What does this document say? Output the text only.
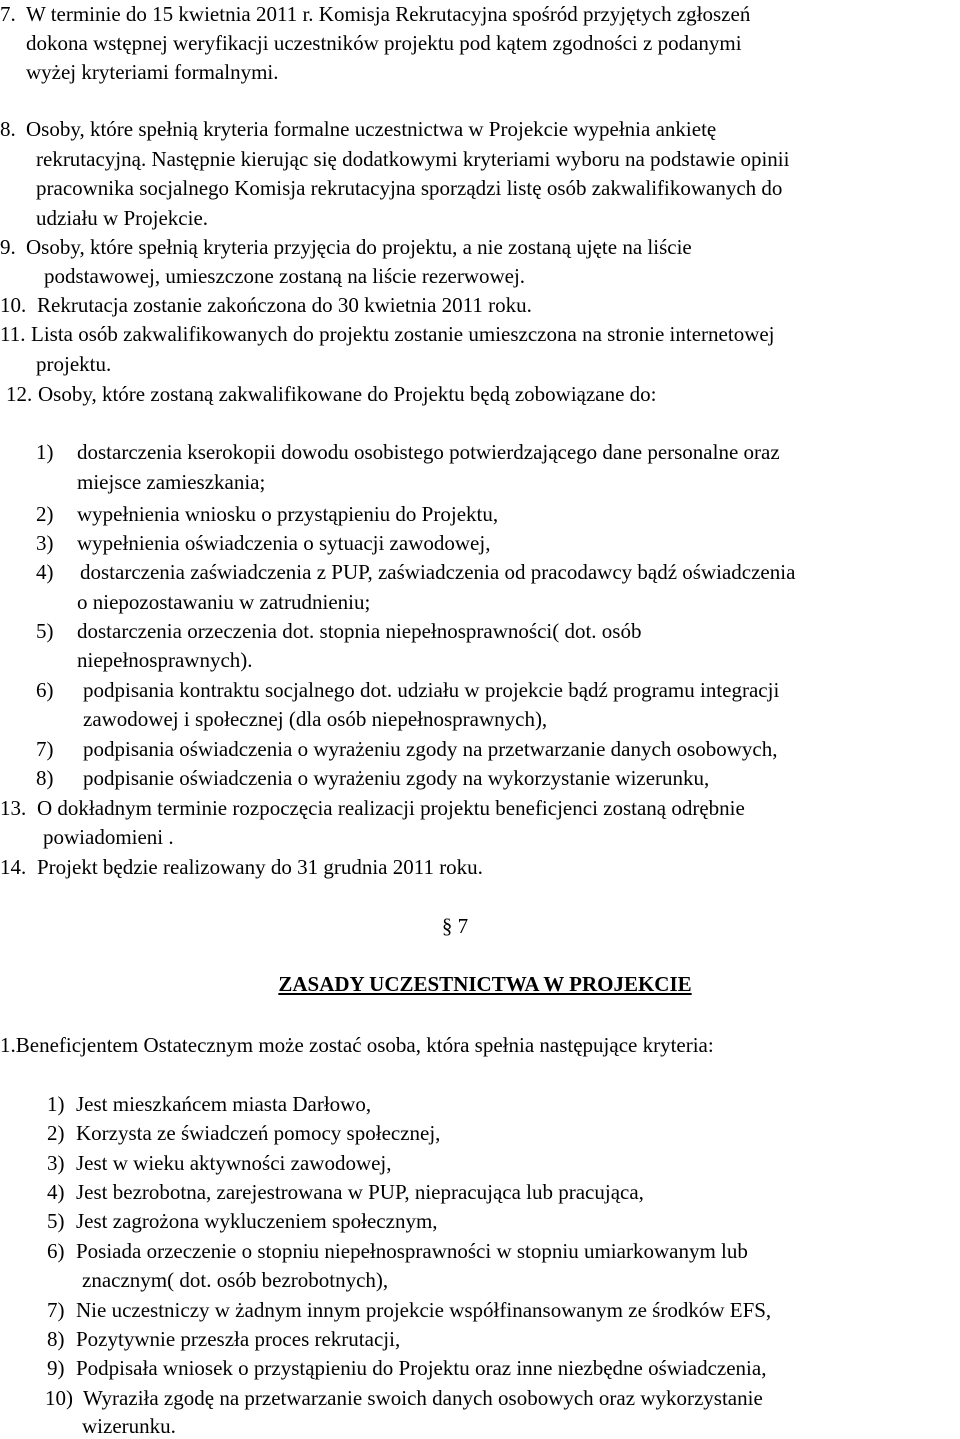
7. W terminie do 15 kwietnia 2011 r. Komisja Rekrutacyjna spośród przyjętych zgłoszeń
dokona wstępnej weryfikacji uczestników projektu pod kątem zgodności z podanymi
wyżej kryteriami formalnymi.
8. Osoby, które spełnią kryteria formalne uczestnictwa w Projekcie wypełnia ankietę
rekrutacyjną. Następnie kierując się dodatkowymi kryteriami wyboru na podstawie opinii
pracownika socjalnego Komisja rekrutacyjna sporządzi listę osób zakwalifikowanych do
udziału w Projekcie.
9. Osoby, które spełnią kryteria przyjęcia do projektu, a nie zostaną ujęte na liście
podstawowej, umieszczone zostaną na liście rezerwowej.
10. Rekrutacja zostanie zakończona do 30 kwietnia 2011 roku.
11. Lista osób zakwalifikowanych do projektu zostanie umieszczona na stronie internetowej
projektu.
12. Osoby, które zostaną zakwalifikowane do Projektu będą zobowiązane do:
1) dostarczenia kserokopii dowodu osobistego potwierdzającego dane personalne oraz
miejsce zamieszkania;
2) wypełnienia wniosku o przystąpieniu do Projektu,
3) wypełnienia oświadczenia o sytuacji zawodowej,
4) dostarczenia zaświadczenia z PUP, zaświadczenia od pracodawcy bądź oświadczenia
o niepozostawaniu w zatrudnieniu;
5) dostarczenia orzeczenia dot. stopnia niepełnosprawności( dot. osób
niepełnosprawnych).
6) podpisania kontraktu socjalnego dot. udziału w projekcie bądź programu integracji
zawodowej i społecznej (dla osób niepełnosprawnych),
7) podpisania oświadczenia o wyrażeniu zgody na przetwarzanie danych osobowych,
8) podpisanie oświadczenia o wyrażeniu zgody na wykorzystanie wizerunku,
13. O dokładnym terminie rozpoczęcia realizacji projektu beneficjenci zostaną odrębnie
powiadomieni .
14. Projekt będzie realizowany do 31 grudnia 2011 roku.
§ 7
ZASADY UCZESTNICTWA W PROJEKCIE
1.Beneficjentem Ostatecznym może zostać osoba, która spełnia następujące kryteria:
1) Jest mieszkańcem miasta Darłowo,
2) Korzysta ze świadczeń pomocy społecznej,
3) Jest w wieku aktywności zawodowej,
4) Jest bezrobotna, zarejestrowana w PUP, niepracująca lub pracująca,
5) Jest zagrożona wykluczeniem społecznym,
6) Posiada orzeczenie o stopniu niepełnosprawności w stopniu umiarkowanym lub
znacznym( dot. osób bezrobotnych),
7) Nie uczestniczy w żadnym innym projekcie współfinansowanym ze środków EFS,
8) Pozytywnie przeszła proces rekrutacji,
9) Podpisała wniosek o przystąpieniu do Projektu oraz inne niezbędne oświadczenia,
10) Wyraziła zgodę na przetwarzanie swoich danych osobowych oraz wykorzystanie
wizerunku.
